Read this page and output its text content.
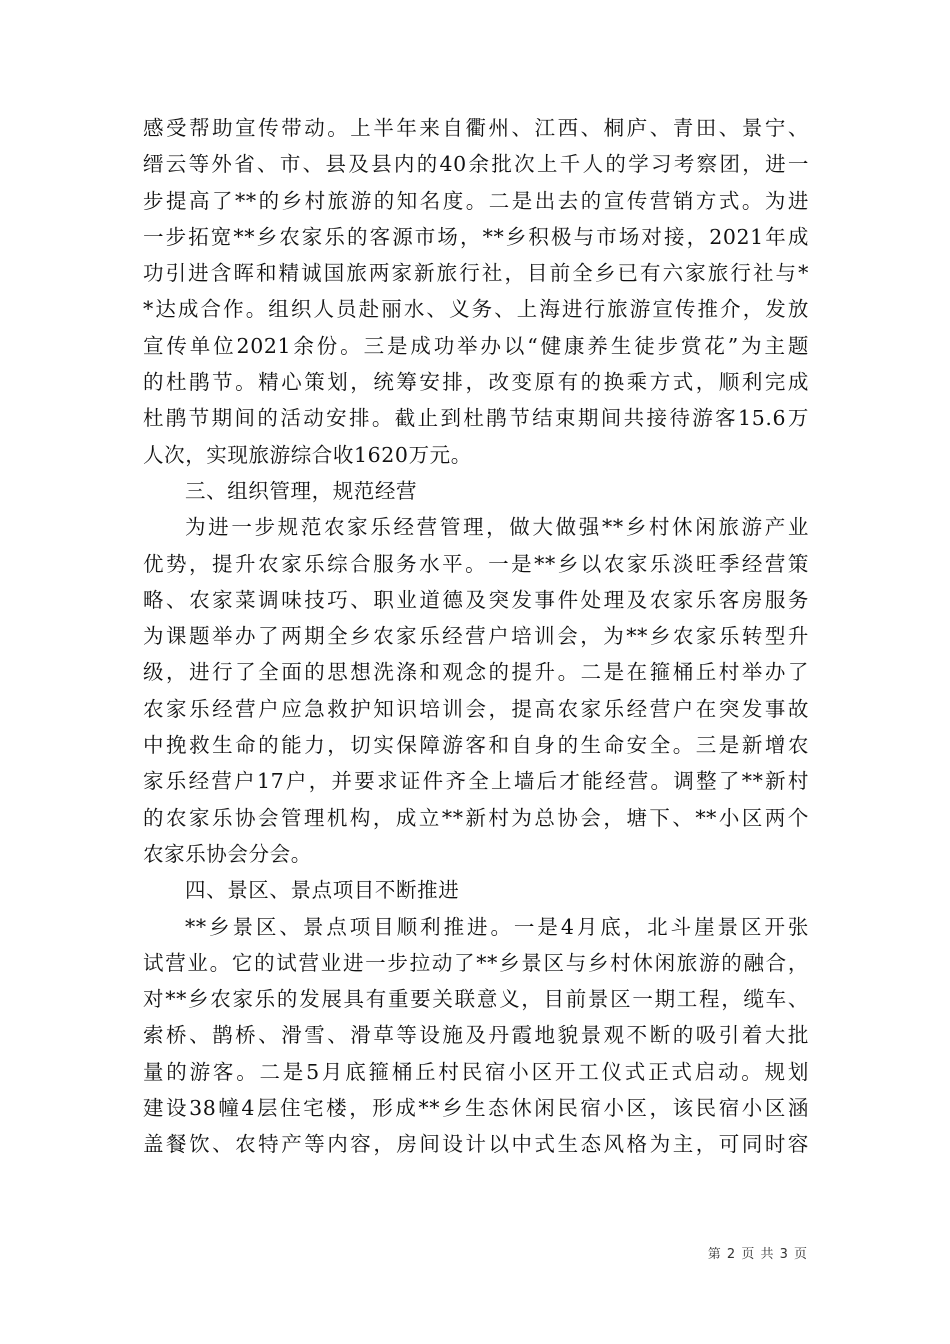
感受帮助宣传带动。上半年来自衢州、江西、桐庐、青田、景宁、
缙云等外省、市、县及县内的40余批次上千人的学习考察团，进一
步提高了**的乡村旅游的知名度。二是出去的宣传营销方式。为进
一步拓宽**乡农家乐的客源市场，**乡积极与市场对接，2021年成
功引进含晖和精诚国旅两家新旅行社，目前全乡已有六家旅行社与*
*达成合作。组织人员赴丽水、义务、上海进行旅游宣传推介，发放
宣传单位2021余份。三是成功举办以“健康养生徒步赏花”为主题
的杜鹃节。精心策划，统筹安排，改变原有的换乘方式，顺利完成
杜鹃节期间的活动安排。截止到杜鹃节结束期间共接待游客15.6万
人次，实现旅游综合收1620万元。
三、组织管理，规范经营
为进一步规范农家乐经营管理，做大做强**乡村休闲旅游产业
优势，提升农家乐综合服务水平。一是**乡以农家乐淡旺季经营策
略、农家菜调味技巧、职业道德及突发事件处理及农家乐客房服务
为课题举办了两期全乡农家乐经营户培训会，为**乡农家乐转型升
级，进行了全面的思想洗涤和观念的提升。二是在箍桶丘村举办了
农家乐经营户应急救护知识培训会，提高农家乐经营户在突发事故
中挽救生命的能力，切实保障游客和自身的生命安全。三是新增农
家乐经营户17户，并要求证件齐全上墙后才能经营。调整了**新村
的农家乐协会管理机构，成立**新村为总协会，塘下、**小区两个
农家乐协会分会。
四、景区、景点项目不断推进
**乡景区、景点项目顺利推进。一是4月底，北斗崖景区开张
试营业。它的试营业进一步拉动了**乡景区与乡村休闲旅游的融合，
对**乡农家乐的发展具有重要关联意义，目前景区一期工程，缆车、
索桥、鹊桥、滑雪、滑草等设施及丹霞地貌景观不断的吸引着大批
量的游客。二是5月底箍桶丘村民宿小区开工仪式正式启动。规划
建设38幢4层住宅楼，形成**乡生态休闲民宿小区，该民宿小区涵
盖餐饮、农特产等内容，房间设计以中式生态风格为主，可同时容
第 2 页 共 3 页
